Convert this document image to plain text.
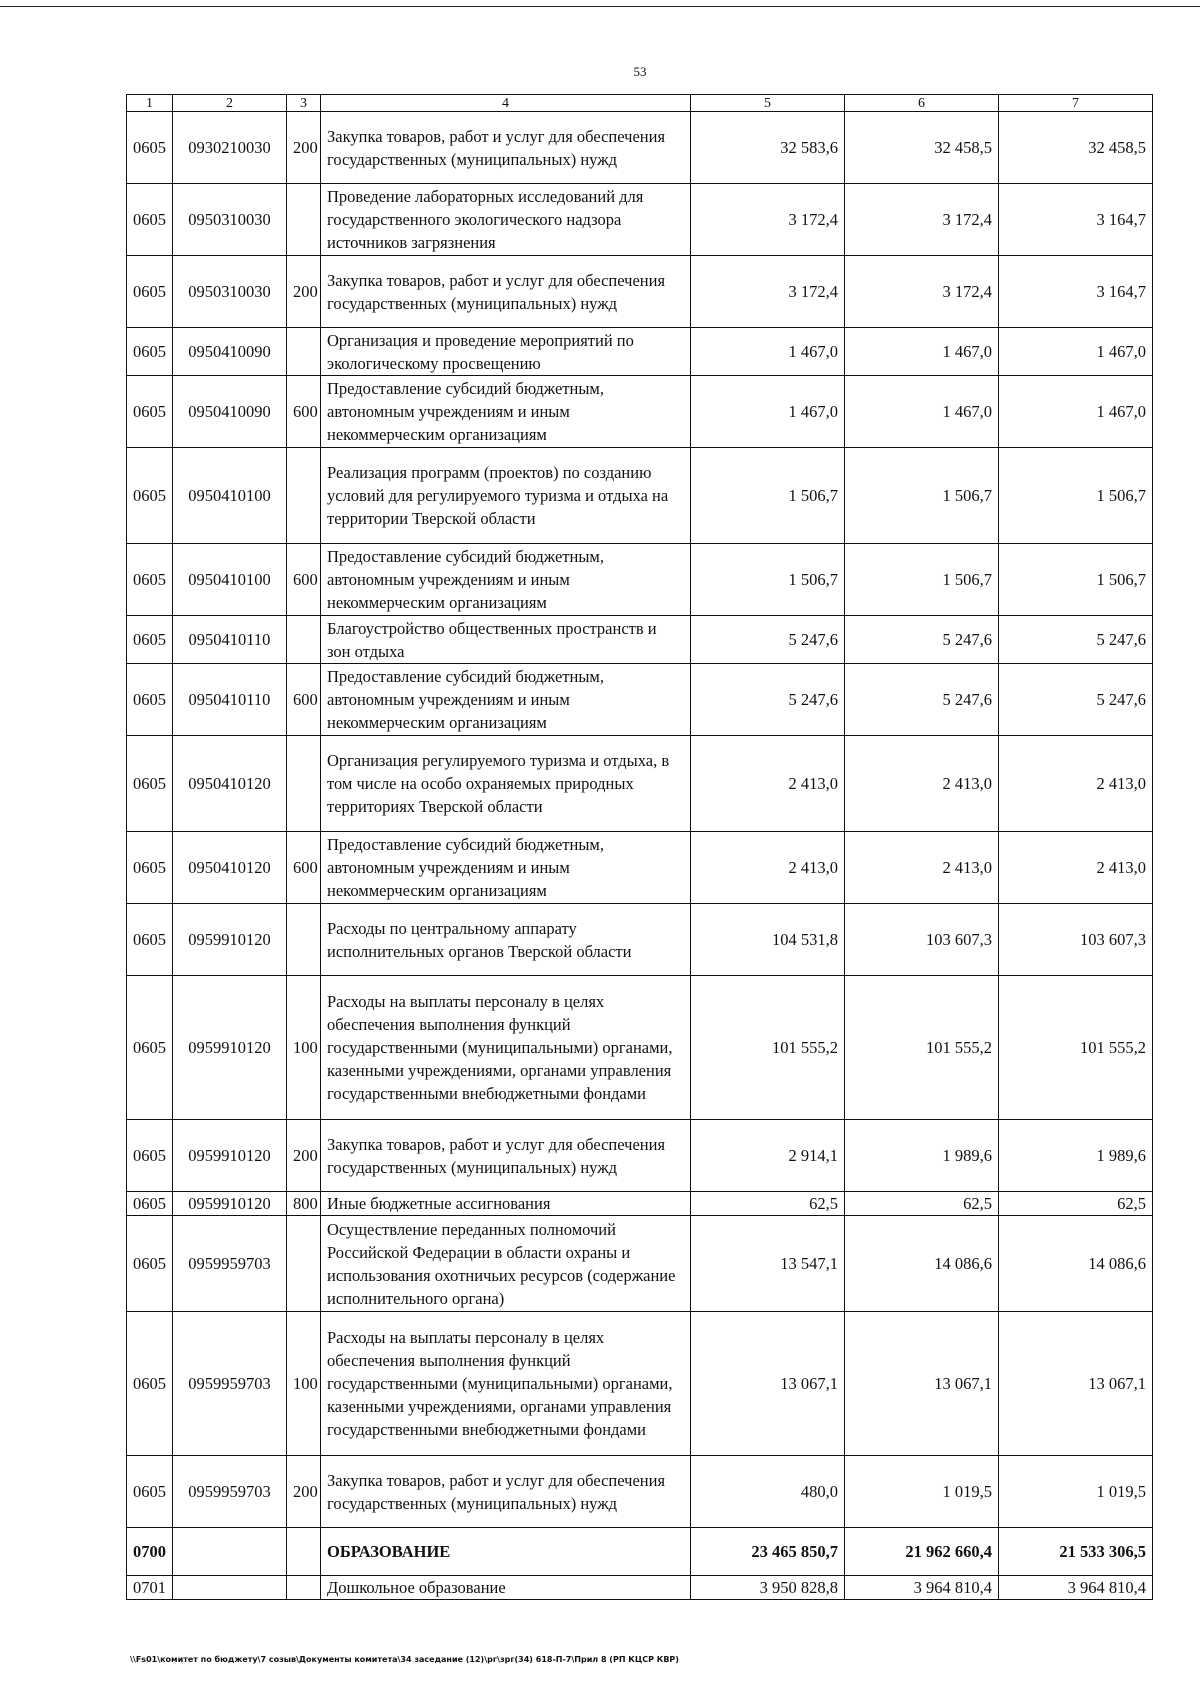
53
1	2	3	4	5	6	7
0605	0930210030	200	Закупка товаров, работ и услуг для обеспечения государственных (муниципальных) нужд	32 583,6	32 458,5	32 458,5
0605	0950310030		Проведение лабораторных исследований для государственного экологического надзора источников загрязнения	3 172,4	3 172,4	3 164,7
0605	0950310030	200	Закупка товаров, работ и услуг для обеспечения государственных (муниципальных) нужд	3 172,4	3 172,4	3 164,7
0605	0950410090		Организация и проведение мероприятий по экологическому просвещению	1 467,0	1 467,0	1 467,0
0605	0950410090	600	Предоставление субсидий бюджетным, автономным учреждениям и иным некоммерческим организациям	1 467,0	1 467,0	1 467,0
0605	0950410100		Реализация программ (проектов) по созданию условий для регулируемого туризма и отдыха на территории Тверской области	1 506,7	1 506,7	1 506,7
0605	0950410100	600	Предоставление субсидий бюджетным, автономным учреждениям и иным некоммерческим организациям	1 506,7	1 506,7	1 506,7
0605	0950410110		Благоустройство общественных пространств и зон отдыха	5 247,6	5 247,6	5 247,6
0605	0950410110	600	Предоставление субсидий бюджетным, автономным учреждениям и иным некоммерческим организациям	5 247,6	5 247,6	5 247,6
0605	0950410120		Организация регулируемого туризма и отдыха, в том числе на особо охраняемых природных территориях Тверской области	2 413,0	2 413,0	2 413,0
0605	0950410120	600	Предоставление субсидий бюджетным, автономным учреждениям и иным некоммерческим организациям	2 413,0	2 413,0	2 413,0
0605	0959910120		Расходы по центральному аппарату исполнительных органов Тверской области	104 531,8	103 607,3	103 607,3
0605	0959910120	100	Расходы на выплаты персоналу в целях обеспечения выполнения функций государственными (муниципальными) органами, казенными учреждениями, органами управления государственными внебюджетными фондами	101 555,2	101 555,2	101 555,2
0605	0959910120	200	Закупка товаров, работ и услуг для обеспечения государственных (муниципальных) нужд	2 914,1	1 989,6	1 989,6
0605	0959910120	800	Иные бюджетные ассигнования	62,5	62,5	62,5
0605	0959959703		Осуществление переданных полномочий Российской Федерации в области охраны и использования охотничьих ресурсов (содержание исполнительного органа)	13 547,1	14 086,6	14 086,6
0605	0959959703	100	Расходы на выплаты персоналу в целях обеспечения выполнения функций государственными (муниципальными) органами, казенными учреждениями, органами управления государственными внебюджетными фондами	13 067,1	13 067,1	13 067,1
0605	0959959703	200	Закупка товаров, работ и услуг для обеспечения государственных (муниципальных) нужд	480,0	1 019,5	1 019,5
0700			ОБРАЗОВАНИЕ	23 465 850,7	21 962 660,4	21 533 306,5
0701			Дошкольное образование	3 950 828,8	3 964 810,4	3 964 810,4
\\Fs01\комитет по бюджету\7 созыв\Документы комитета\34 заседание (12)\рг\зрг(34) 618-П-7\Прил 8 (РП КЦСР КВР)
